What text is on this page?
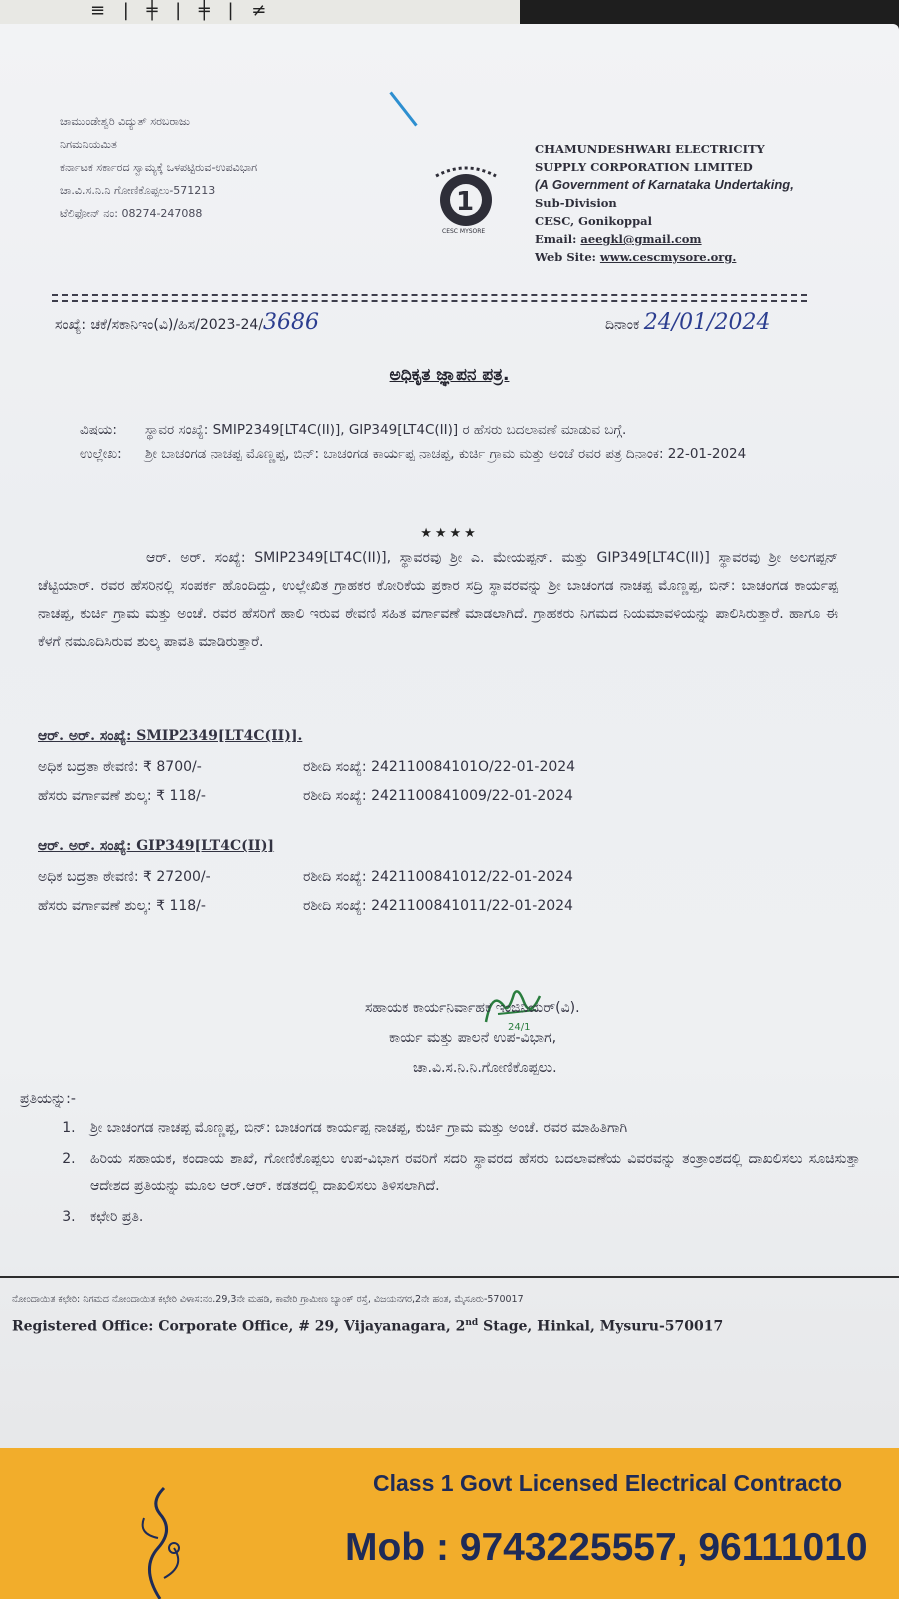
≡ | ╪ | ╪ | ≠
ಚಾಮುಂಡೇಶ್ವರಿ ವಿದ್ಯುತ್ ಸರಬರಾಜು
ನಿಗಮನಿಯಮಿತ
ಕರ್ನಾಟಕ ಸರ್ಕಾರದ ಸ್ವಾಮ್ಯಕ್ಕೆ ಒಳಪಟ್ಟಿರುವ-ಉಪವಿಭಾಗ
ಚಾ.ವಿ.ಸ.ನಿ.ನಿ ಗೋಣಿಕೊಪ್ಪಲು-571213
ಟೆಲಿಫೋನ್ ನಂ: 08274-247088	1
CESC MYSORE
CHAMUNDESHWARI ELECTRICITY
SUPPLY CORPORATION LIMITED
(A Government of Karnataka Undertaking,
Sub-Division
CESC, Gonikoppal
Email: aeegkl@gmail.com
Web Site: www.cescmysore.org.
ಸಂಖ್ಯೆ: ಚಕೆ/ಸಕಾನಿಇಂ(ವಿ)/ಹಿಸ/2023-24/3686	ದಿನಾಂಕ 24/01/2024
ಅಧಿಕೃತ ಜ್ಞಾಪನ ಪತ್ರ.
ವಿಷಯ:	ಸ್ಥಾವರ ಸಂಖ್ಯೆ: SMIP2349[LT4C(II)], GIP349[LT4C(II)] ರ ಹೆಸರು ಬದಲಾವಣೆ ಮಾಡುವ ಬಗ್ಗೆ.
ಉಲ್ಲೇಖ:	ಶ್ರೀ ಬಾಚಂಗಡ ನಾಚಪ್ಪ ಮೊಣ್ಣಪ್ಪ, ಬಿನ್: ಬಾಚಂಗಡ ಕಾರ್ಯಪ್ಪ ನಾಚಪ್ಪ, ಕುರ್ಚಿ ಗ್ರಾಮ ಮತ್ತು ಅಂಚೆ ರವರ ಪತ್ರ ದಿನಾಂಕ: 22-01-2024
★★★★
ಆರ್. ಅರ್. ಸಂಖ್ಯೆ: SMIP2349[LT4C(II)], ಸ್ಥಾವರವು ಶ್ರೀ ಎ. ಮೇಯಪ್ಪನ್. ಮತ್ತು GIP349[LT4C(II)] ಸ್ಥಾವರವು ಶ್ರೀ ಅಲಗಪ್ಪನ್ ಚೆಟ್ಟಿಯಾರ್. ರವರ ಹೆಸರಿನಲ್ಲಿ ಸಂಪರ್ಕ ಹೊಂದಿದ್ದು, ಉಲ್ಲೇಖಿತ ಗ್ರಾಹಕರ ಕೋರಿಕೆಯ ಪ್ರಕಾರ ಸದ್ರಿ ಸ್ಥಾವರವನ್ನು ಶ್ರೀ ಬಾಚಂಗಡ ನಾಚಪ್ಪ ಮೊಣ್ಣಪ್ಪ, ಬಿನ್: ಬಾಚಂಗಡ ಕಾರ್ಯಪ್ಪ ನಾಚಪ್ಪ, ಕುರ್ಚಿ ಗ್ರಾಮ ಮತ್ತು ಅಂಚೆ. ರವರ ಹೆಸರಿಗೆ ಹಾಲಿ ಇರುವ ಠೇವಣಿ ಸಹಿತ ವರ್ಗಾವಣೆ ಮಾಡಲಾಗಿದೆ. ಗ್ರಾಹಕರು ನಿಗಮದ ನಿಯಮಾವಳಿಯನ್ನು ಪಾಲಿಸಿರುತ್ತಾರೆ. ಹಾಗೂ ಈ ಕೆಳಗೆ ನಮೂದಿಸಿರುವ ಶುಲ್ಕ ಪಾವತಿ ಮಾಡಿರುತ್ತಾರೆ.
ಆರ್. ಅರ್. ಸಂಖ್ಯೆ: SMIP2349[LT4C(II)].
ಅಧಿಕ ಬದ್ರತಾ ಠೇವಣಿ: ₹ 8700/-	ರಶೀದಿ ಸಂಖ್ಯೆ: 242110084101O/22-01-2024
ಹೆಸರು ವರ್ಗಾವಣೆ ಶುಲ್ಕ: ₹ 118/-	ರಶೀದಿ ಸಂಖ್ಯೆ: 2421100841009/22-01-2024
ಆರ್. ಅರ್. ಸಂಖ್ಯೆ: GIP349[LT4C(II)]
ಅಧಿಕ ಬದ್ರತಾ ಠೇವಣಿ: ₹ 27200/-	ರಶೀದಿ ಸಂಖ್ಯೆ: 2421100841012/22-01-2024
ಹೆಸರು ವರ್ಗಾವಣೆ ಶುಲ್ಕ: ₹ 118/-	ರಶೀದಿ ಸಂಖ್ಯೆ: 2421100841011/22-01-2024
24/1
ಸಹಾಯಕ ಕಾರ್ಯನಿರ್ವಾಹಕ ಇಂಜಿನಿಯರ್(ವಿ).
ಕಾರ್ಯ ಮತ್ತು ಪಾಲನೆ ಉಪ-ವಿಭಾಗ,
ಚಾ.ವಿ.ಸ.ನಿ.ನಿ.ಗೋಣಿಕೊಪ್ಪಲು.
ಪ್ರತಿಯನ್ನು:-
1. ಶ್ರೀ ಬಾಚಂಗಡ ನಾಚಪ್ಪ ಮೊಣ್ಣಪ್ಪ, ಬಿನ್: ಬಾಚಂಗಡ ಕಾರ್ಯಪ್ಪ ನಾಚಪ್ಪ, ಕುರ್ಚಿ ಗ್ರಾಮ ಮತ್ತು ಅಂಚೆ. ರವರ ಮಾಹಿತಿಗಾಗಿ
2. ಹಿರಿಯ ಸಹಾಯಕ, ಕಂದಾಯ ಶಾಖೆ, ಗೋಣಿಕೊಪ್ಪಲು ಉಪ-ವಿಭಾಗ ರವರಿಗೆ ಸದರಿ ಸ್ಥಾವರದ ಹೆಸರು ಬದಲಾವಣೆಯ ವಿವರವನ್ನು ತಂತ್ರಾಂಶದಲ್ಲಿ ದಾಖಲಿಸಲು ಸೂಚಿಸುತ್ತಾ ಆದೇಶದ ಪ್ರತಿಯನ್ನು ಮೂಲ ಆರ್.ಆರ್. ಕಡತದಲ್ಲಿ ದಾಖಲಿಸಲು ತಿಳಿಸಲಾಗಿದೆ.
3. ಕಛೇರಿ ಪ್ರತಿ.
ನೋಂದಾಯಿತ ಕಛೇರಿ: ನಿಗಮದ ನೋಂದಾಯಿತ ಕಛೇರಿ ವಿಳಾಸ:ನಂ.29,3ನೇ ಮಹಡಿ, ಕಾವೇರಿ ಗ್ರಾಮೀಣ ಬ್ಯಾಂಕ್ ರಸ್ತೆ, ವಿಜಯನಗರ,2ನೇ ಹಂತ, ಮೈಸೂರು-570017
Registered Office: Corporate Office, # 29, Vijayanagara, 2nd Stage, Hinkal, Mysuru-570017
Class 1 Govt Licensed Electrical Contracto
Mob : 9743225557, 96111010
